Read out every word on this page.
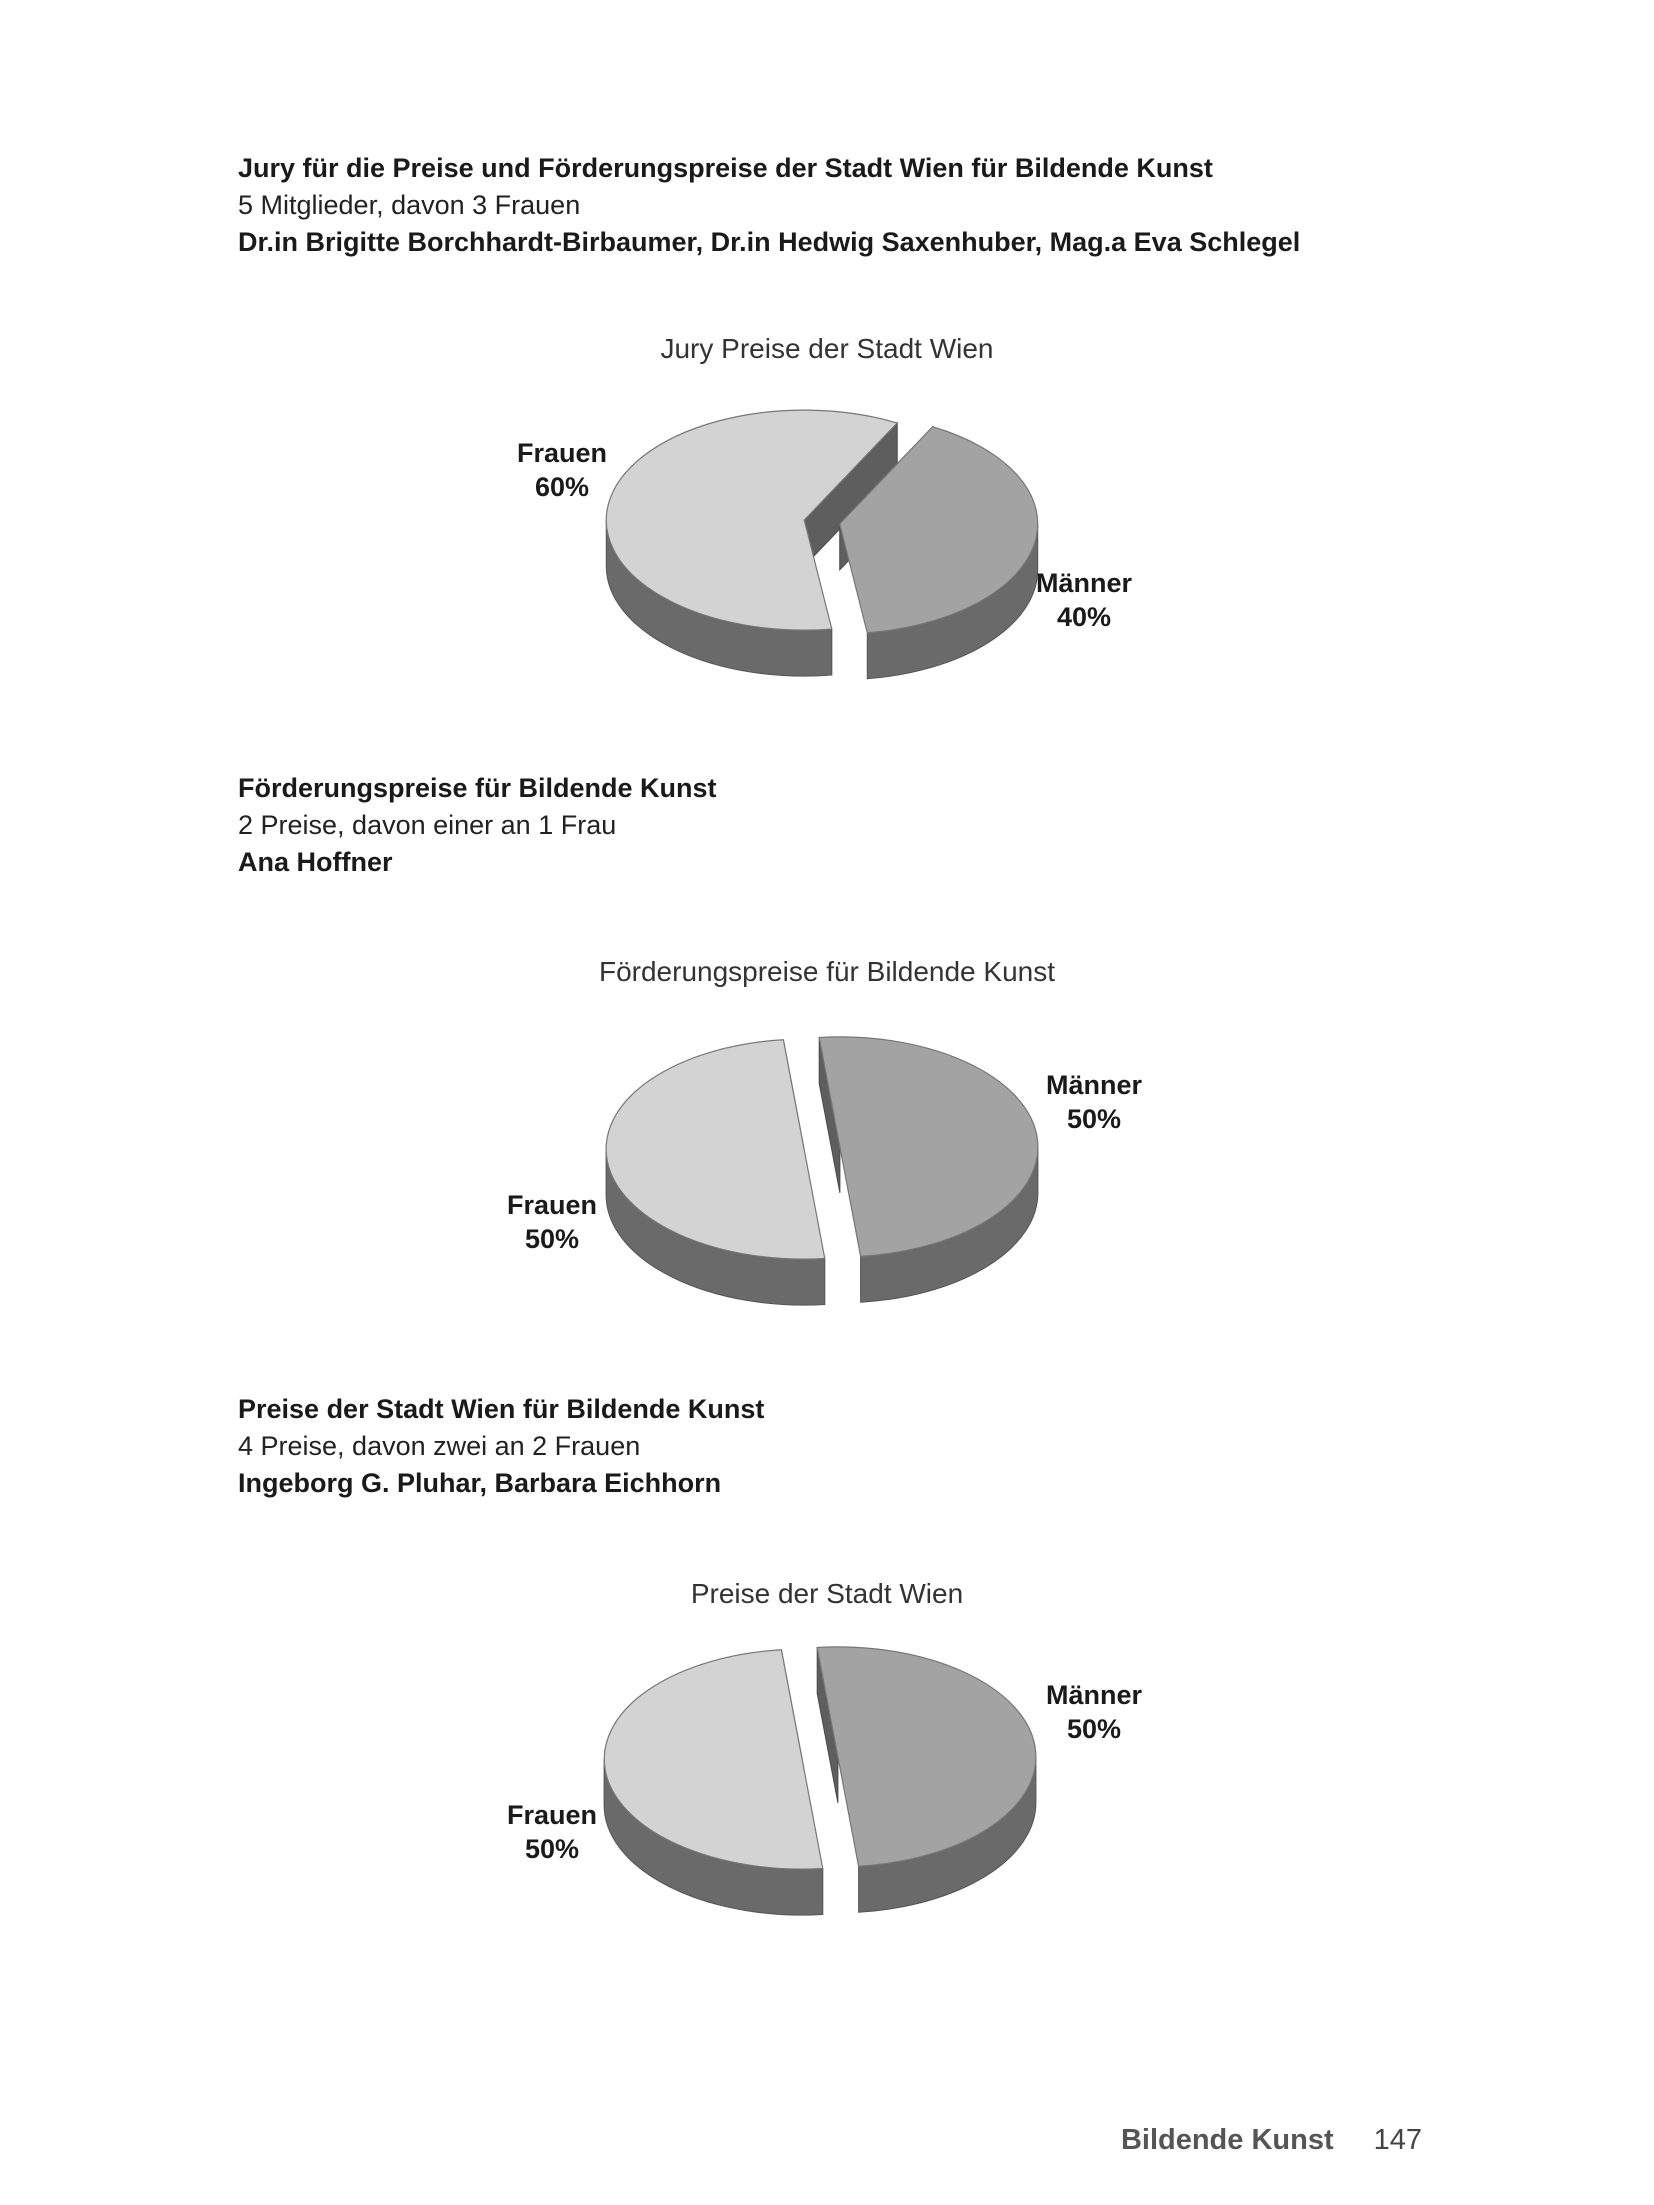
Jury für die Preise und Förderungspreise der Stadt Wien für Bildende Kunst
5 Mitglieder, davon 3 Frauen
Dr.in Brigitte Borchhardt-Birbaumer, Dr.in Hedwig Saxenhuber, Mag.a Eva Schlegel
Jury Preise der Stadt Wien
Förderungspreise für Bildende Kunst
2 Preise, davon einer an 1 Frau
Ana Hoffner
Förderungspreise für Bildende Kunst
Preise der Stadt Wien für Bildende Kunst
4 Preise, davon zwei an 2 Frauen
Ingeborg G. Pluhar, Barbara Eichhorn
Preise der Stadt Wien
Frauen
60%
Männer
40%
Frauen
50%
Männer
50%
Frauen
50%
Männer
50%
Bildende Kunst 147
